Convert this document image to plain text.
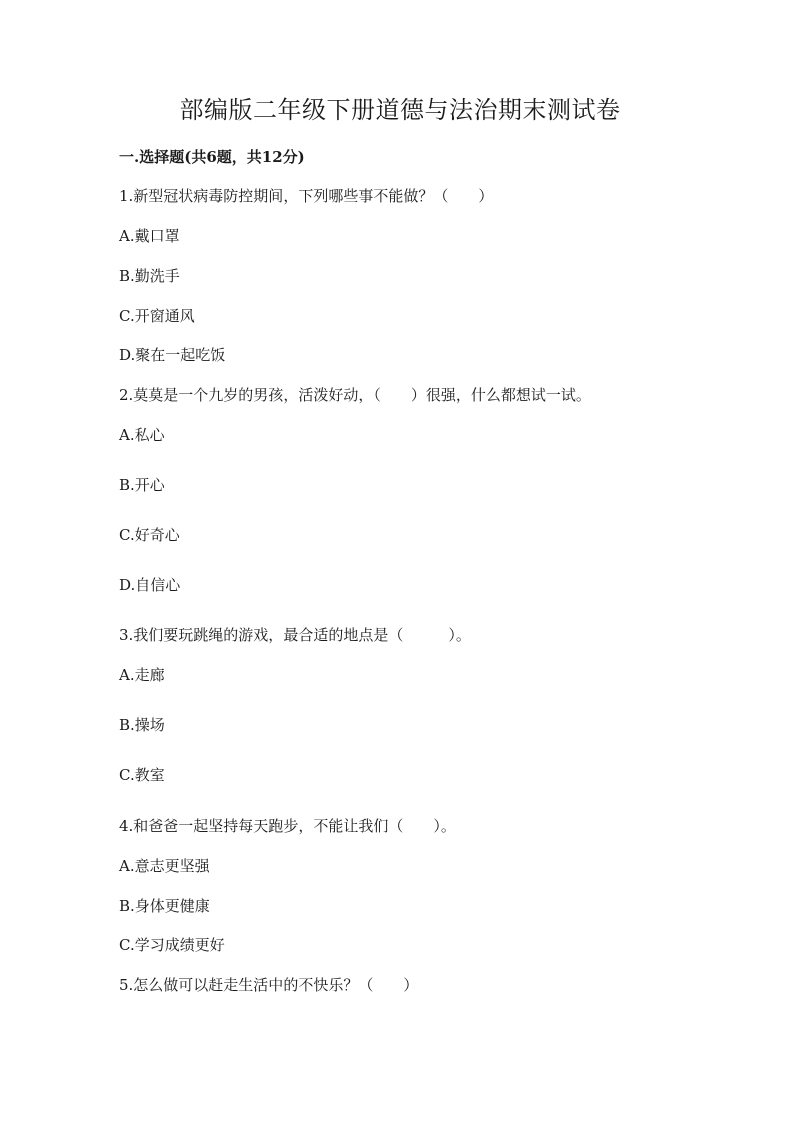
部编版二年级下册道德与法治期末测试卷
一.选择题(共6题，共12分)
1.新型冠状病毒防控期间，下列哪些事不能做？（　　）
A.戴口罩
B.勤洗手
C.开窗通风
D.聚在一起吃饭
2.莫莫是一个九岁的男孩，活泼好动，（　　）很强，什么都想试一试。
A.私心
B.开心
C.好奇心
D.自信心
3.我们要玩跳绳的游戏，最合适的地点是（　　　）。
A.走廊
B.操场
C.教室
4.和爸爸一起坚持每天跑步，不能让我们（　　）。
A.意志更坚强
B.身体更健康
C.学习成绩更好
5.怎么做可以赶走生活中的不快乐？（　　）
